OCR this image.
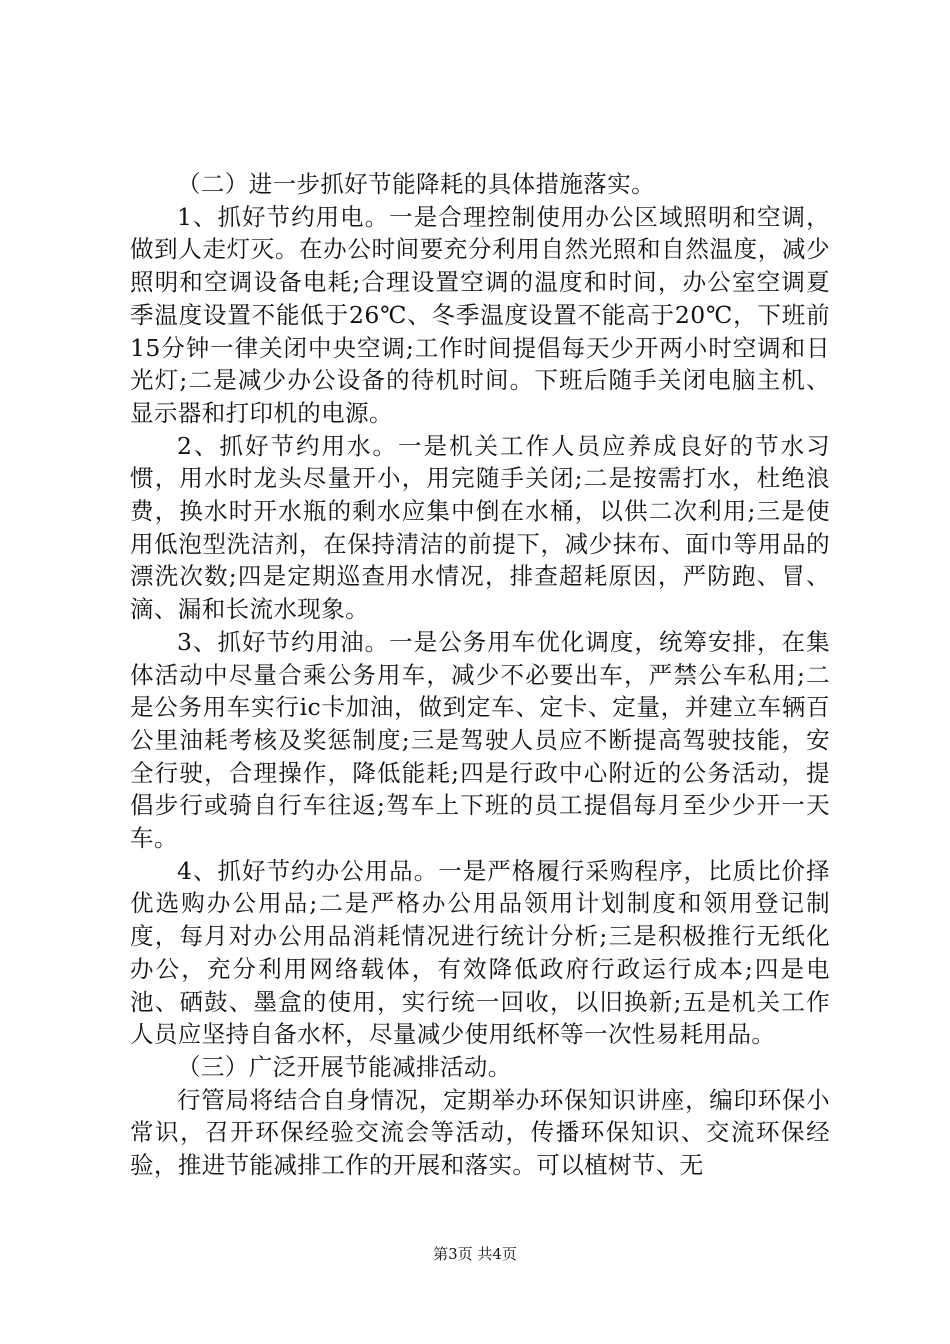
（二）进一步抓好节能降耗的具体措施落实。

1、抓好节约用电。一是合理控制使用办公区域照明和空调，做到人走灯灭。在办公时间要充分利用自然光照和自然温度，减少照明和空调设备电耗;合理设置空调的温度和时间，办公室空调夏季温度设置不能低于26℃、冬季温度设置不能高于20℃，下班前15分钟一律关闭中央空调;工作时间提倡每天少开两小时空调和日光灯;二是减少办公设备的待机时间。下班后随手关闭电脑主机、显示器和打印机的电源。

2、抓好节约用水。一是机关工作人员应养成良好的节水习惯，用水时龙头尽量开小，用完随手关闭;二是按需打水，杜绝浪费，换水时开水瓶的剩水应集中倒在水桶，以供二次利用;三是使用低泡型洗洁剂，在保持清洁的前提下，减少抹布、面巾等用品的漂洗次数;四是定期巡查用水情况，排查超耗原因，严防跑、冒、滴、漏和长流水现象。

3、抓好节约用油。一是公务用车优化调度，统筹安排，在集体活动中尽量合乘公务用车，减少不必要出车，严禁公车私用;二是公务用车实行ic卡加油，做到定车、定卡、定量，并建立车辆百公里油耗考核及奖惩制度;三是驾驶人员应不断提高驾驶技能，安全行驶，合理操作，降低能耗;四是行政中心附近的公务活动，提倡步行或骑自行车往返;驾车上下班的员工提倡每月至少少开一天车。

4、抓好节约办公用品。一是严格履行采购程序，比质比价择优选购办公用品;二是严格办公用品领用计划制度和领用登记制度，每月对办公用品消耗情况进行统计分析;三是积极推行无纸化办公，充分利用网络载体，有效降低政府行政运行成本;四是电池、硒鼓、墨盒的使用，实行统一回收，以旧换新;五是机关工作人员应坚持自备水杯，尽量减少使用纸杯等一次性易耗用品。

（三）广泛开展节能减排活动。

行管局将结合自身情况，定期举办环保知识讲座，编印环保小常识，召开环保经验交流会等活动，传播环保知识、交流环保经验，推进节能减排工作的开展和落实。可以植树节、无

第3页 共4页
